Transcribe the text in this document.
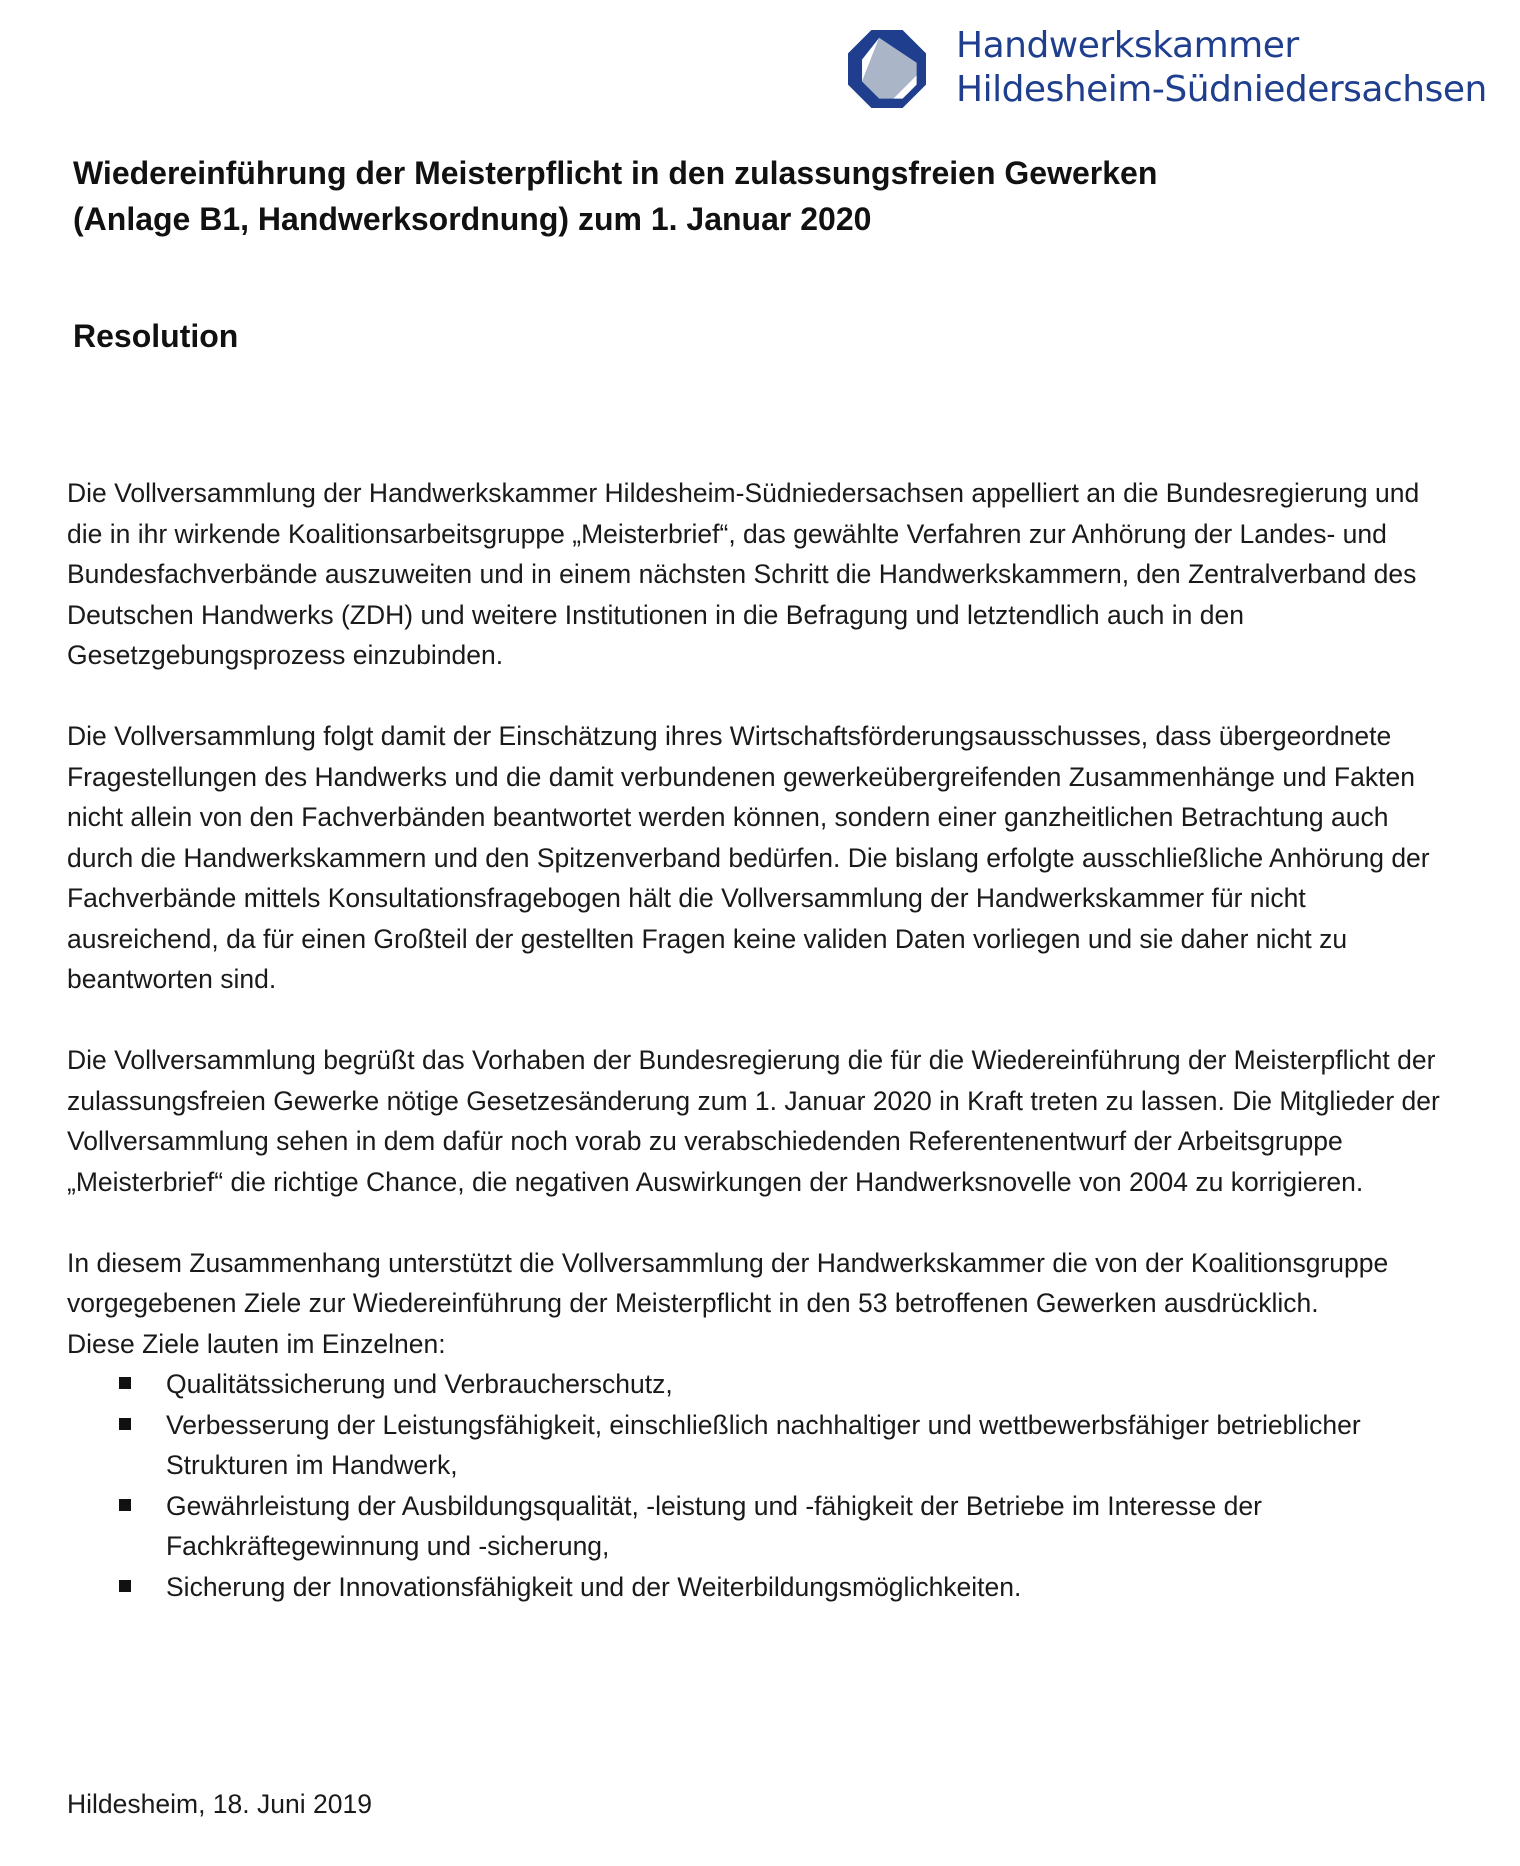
Handwerkskammer
Hildesheim-Südniedersachsen
Wiedereinführung der Meisterpflicht in den zulassungsfreien Gewerken
(Anlage B1, Handwerksordnung) zum 1. Januar 2020
Resolution

Die Vollversammlung der Handwerkskammer Hildesheim-Südniedersachsen appelliert an die Bundesregierung und die in ihr wirkende Koalitionsarbeitsgruppe „Meisterbrief“, das gewählte Verfahren zur Anhörung der Landes- und Bundesfachverbände auszuweiten und in einem nächsten Schritt die Handwerkskammern, den Zentralverband des Deutschen Handwerks (ZDH) und weitere Institutionen in die Befragung und letztendlich auch in den Gesetzgebungsprozess einzubinden.

Die Vollversammlung folgt damit der Einschätzung ihres Wirtschaftsförderungsausschusses, dass übergeordnete Fragestellungen des Handwerks und die damit verbundenen gewerkeübergreifenden Zusammenhänge und Fakten nicht allein von den Fachverbänden beantwortet werden können, sondern einer ganzheitlichen Betrachtung auch durch die Handwerkskammern und den Spitzenverband bedürfen. Die bislang erfolgte ausschließliche Anhörung der Fachverbände mittels Konsultationsfragebogen hält die Vollversammlung der Handwerkskammer für nicht ausreichend, da für einen Großteil der gestellten Fragen keine validen Daten vorliegen und sie daher nicht zu beantworten sind.

Die Vollversammlung begrüßt das Vorhaben der Bundesregierung die für die Wiedereinführung der Meisterpflicht der zulassungsfreien Gewerke nötige Gesetzesänderung zum 1. Januar 2020 in Kraft treten zu lassen. Die Mitglieder der Vollversammlung sehen in dem dafür noch vorab zu verabschiedenden Referentenentwurf der Arbeitsgruppe „Meisterbrief“ die richtige Chance, die negativen Auswirkungen der Handwerksnovelle von 2004 zu korrigieren.

In diesem Zusammenhang unterstützt die Vollversammlung der Handwerkskammer die von der Koalitionsgruppe vorgegebenen Ziele zur Wiedereinführung der Meisterpflicht in den 53 betroffenen Gewerken ausdrücklich.

Diese Ziele lauten im Einzelnen:

Qualitätssicherung und Verbraucherschutz,
Verbesserung der Leistungsfähigkeit, einschließlich nachhaltiger und wettbewerbsfähiger betrieblicher Strukturen im Handwerk,
Gewährleistung der Ausbildungsqualität, -leistung und -fähigkeit der Betriebe im Interesse der Fachkräftegewinnung und -sicherung,
Sicherung der Innovationsfähigkeit und der Weiterbildungsmöglichkeiten.
Hildesheim, 18. Juni 2019
